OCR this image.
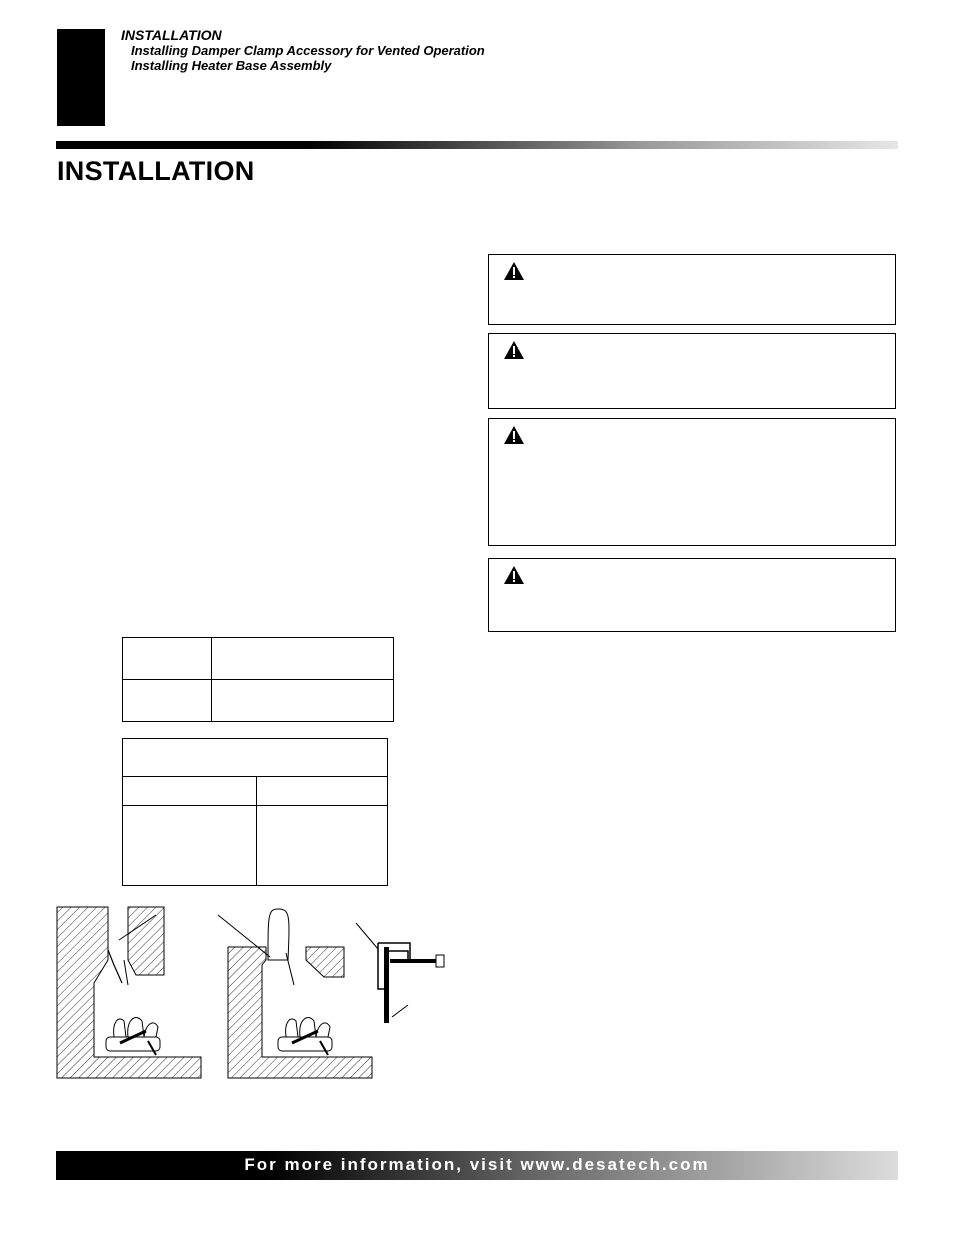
INSTALLATION
Installing Damper Clamp Accessory for Vented Operation
Installing Heater Base Assembly
INSTALLATION

For more information, visit www.desatech.com
